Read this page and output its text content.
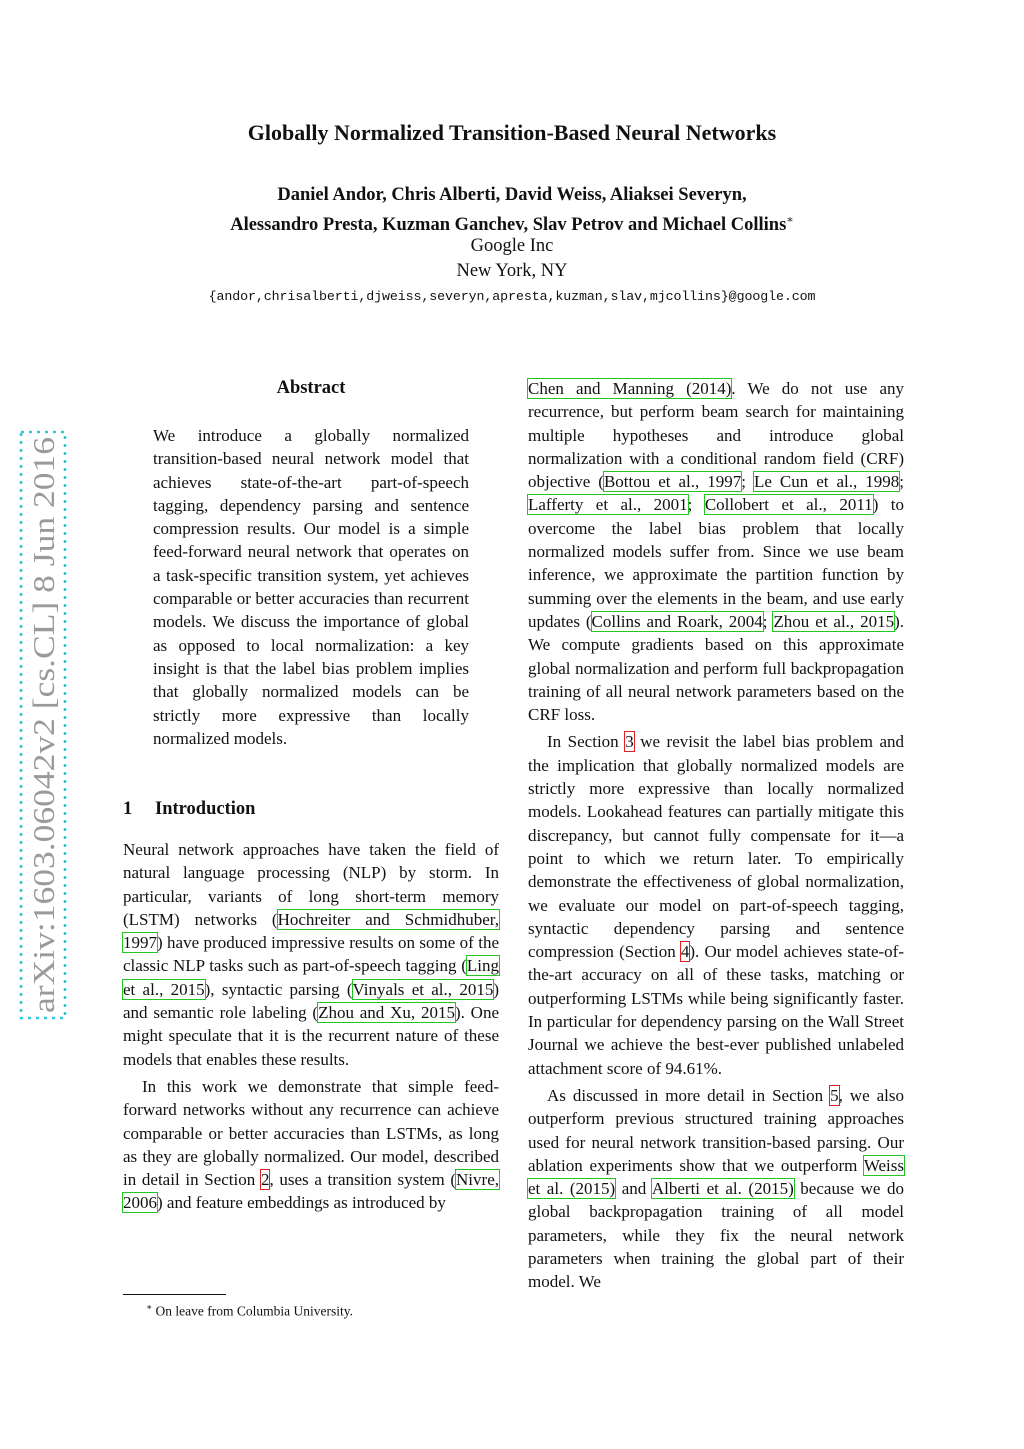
arXiv:1603.06042v2 [cs.CL] 8 Jun 2016
Globally Normalized Transition-Based Neural Networks
Daniel Andor, Chris Alberti, David Weiss, Aliaksei Severyn,
Alessandro Presta, Kuzman Ganchev, Slav Petrov and Michael Collins∗
Google Inc
New York, NY
{andor,chrisalberti,djweiss,severyn,apresta,kuzman,slav,mjcollins}@google.com
Abstract
We introduce a globally normalized transition-based neural network model that achieves state-of-the-art part-of-speech tagging, dependency parsing and sentence compression results. Our model is a simple feed-forward neural network that operates on a task-specific transition system, yet achieves comparable or better accuracies than recurrent models. We discuss the importance of global as opposed to local normalization: a key insight is that the label bias problem implies that globally normalized models can be strictly more expressive than locally normalized models.
1 Introduction

Neural network approaches have taken the field of natural language processing (NLP) by storm. In particular, variants of long short-term memory (LSTM) networks (Hochreiter and Schmidhuber, 1997) have produced impressive results on some of the classic NLP tasks such as part-of-speech tagging (Ling et al., 2015), syntactic parsing (Vinyals et al., 2015) and semantic role labeling (Zhou and Xu, 2015). One might speculate that it is the recurrent nature of these models that enables these results.

In this work we demonstrate that simple feed-forward networks without any recurrence can achieve comparable or better accuracies than LSTMs, as long as they are globally normalized. Our model, described in detail in Section 2, uses a transition system (Nivre, 2006) and feature embeddings as introduced by

Chen and Manning (2014). We do not use any recurrence, but perform beam search for maintaining multiple hypotheses and introduce global normalization with a conditional random field (CRF) objective (Bottou et al., 1997; Le Cun et al., 1998; Lafferty et al., 2001; Collobert et al., 2011) to overcome the label bias problem that locally normalized models suffer from. Since we use beam inference, we approximate the partition function by summing over the elements in the beam, and use early updates (Collins and Roark, 2004; Zhou et al., 2015). We compute gradients based on this approximate global normalization and perform full backpropagation training of all neural network parameters based on the CRF loss.

In Section 3 we revisit the label bias problem and the implication that globally normalized models are strictly more expressive than locally normalized models. Lookahead features can partially mitigate this discrepancy, but cannot fully compensate for it—a point to which we return later. To empirically demonstrate the effectiveness of global normalization, we evaluate our model on part-of-speech tagging, syntactic dependency parsing and sentence compression (Section 4). Our model achieves state-of-the-art accuracy on all of these tasks, matching or outperforming LSTMs while being significantly faster. In particular for dependency parsing on the Wall Street Journal we achieve the best-ever published unlabeled attachment score of 94.61%.

As discussed in more detail in Section 5, we also outperform previous structured training approaches used for neural network transition-based parsing. Our ablation experiments show that we outperform Weiss et al. (2015) and Alberti et al. (2015) because we do global backpropagation training of all model parameters, while they fix the neural network parameters when training the global part of their model. We

∗ On leave from Columbia University.
